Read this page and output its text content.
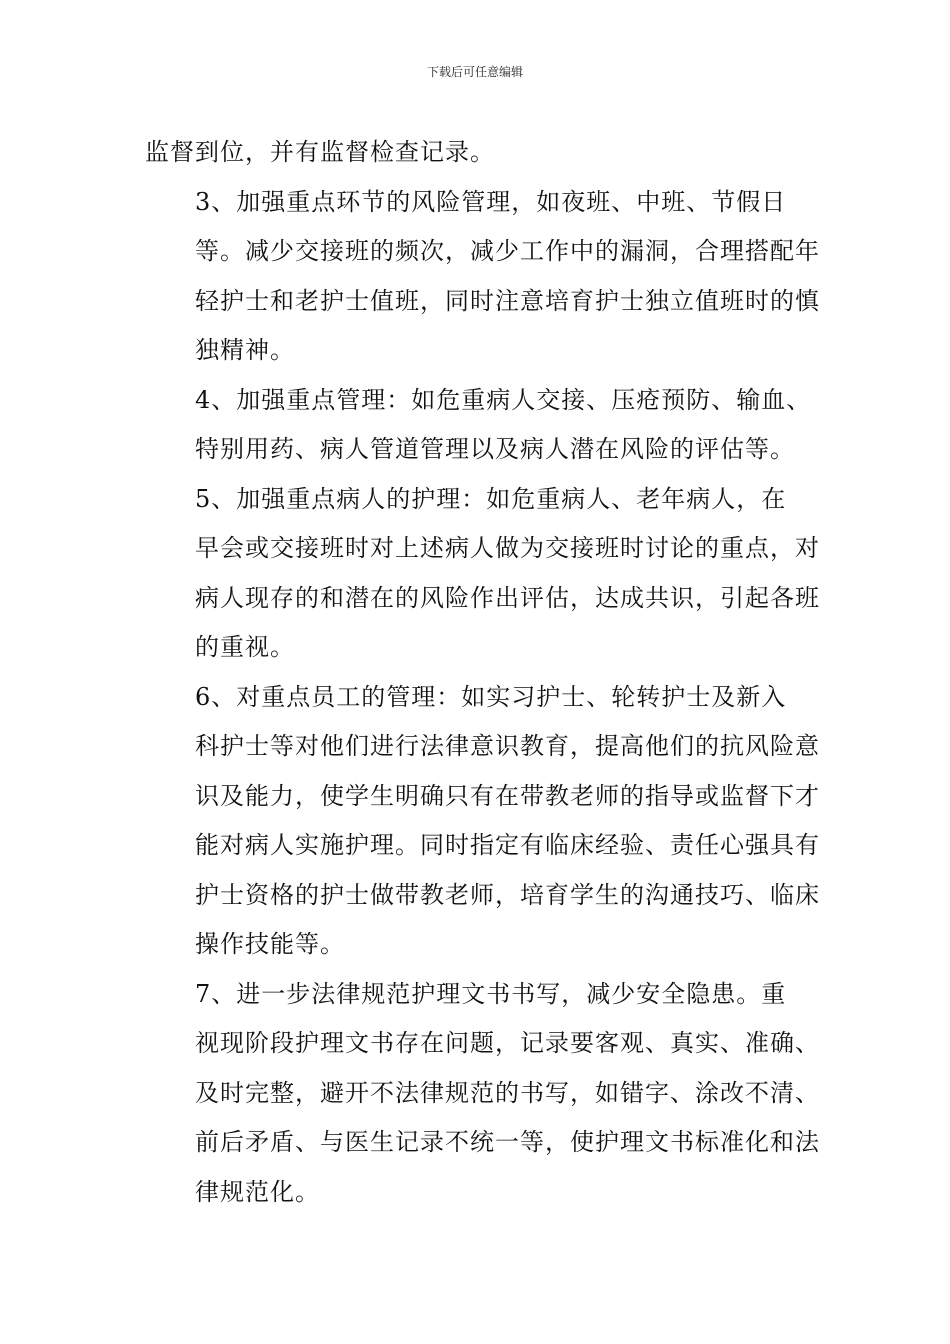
下载后可任意编辑

监督到位，并有监督检查记录。

3、加强重点环节的风险管理，如夜班、中班、节假日
等。减少交接班的频次，减少工作中的漏洞，合理搭配年
轻护士和老护士值班，同时注意培育护士独立值班时的慎
独精神。

4、加强重点管理：如危重病人交接、压疮预防、输血、
特别用药、病人管道管理以及病人潜在风险的评估等。

5、加强重点病人的护理：如危重病人、老年病人，在
早会或交接班时对上述病人做为交接班时讨论的重点，对
病人现存的和潜在的风险作出评估，达成共识，引起各班
的重视。

6、对重点员工的管理：如实习护士、轮转护士及新入
科护士等对他们进行法律意识教育，提高他们的抗风险意
识及能力，使学生明确只有在带教老师的指导或监督下才
能对病人实施护理。同时指定有临床经验、责任心强具有
护士资格的护士做带教老师，培育学生的沟通技巧、临床
操作技能等。

7、进一步法律规范护理文书书写，减少安全隐患。重
视现阶段护理文书存在问题，记录要客观、真实、准确、
及时完整，避开不法律规范的书写，如错字、涂改不清、
前后矛盾、与医生记录不统一等，使护理文书标准化和法
律规范化。
